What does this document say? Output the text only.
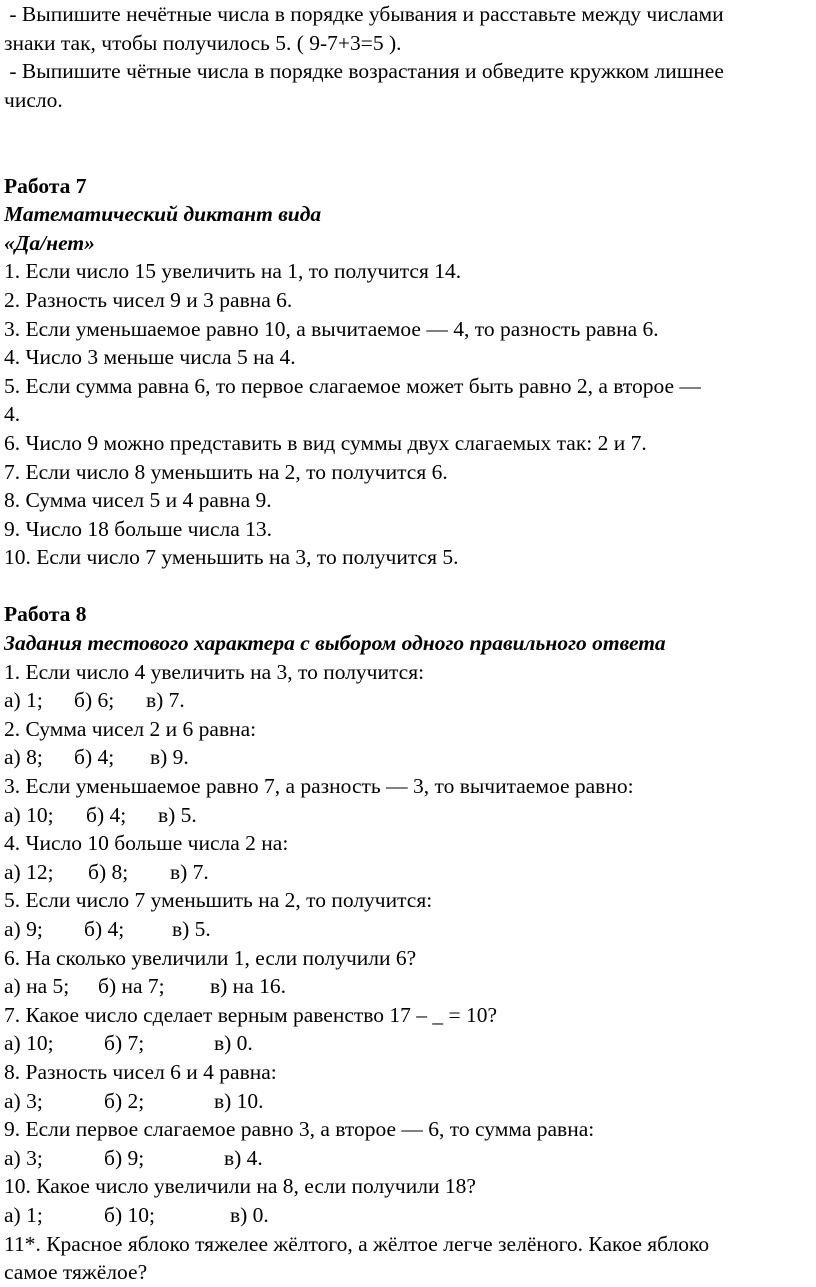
- Выпишите нечётные числа в порядке убывания и расставьте между числами
знаки так, чтобы получилось 5. ( 9-7+3=5 ).
- Выпишите чётные числа в порядке возрастания и обведите кружком лишнее
число.
Работа 7
Математический диктант вида
«Да/нет»
1. Если число 15 увеличить на 1, то получится 14.
2. Разность чисел 9 и 3 равна 6.
3. Если уменьшаемое равно 10, а вычитаемое — 4, то разность равна 6.
4. Число 3 меньше числа 5 на 4.
5. Если сумма равна 6, то первое слагаемое может быть равно 2, а второе —
4.
6. Число 9 можно представить в вид суммы двух слагаемых так: 2 и 7.
7. Если число 8 уменьшить на 2, то получится 6.
8. Сумма чисел 5 и 4 равна 9.
9. Число 18 больше числа 13.
10. Если число 7 уменьшить на 3, то получится 5.
Работа 8
Задания тестового характера с выбором одного правильного ответа
1. Если число 4 увеличить на 3, то получится:
а) 1; б) 6; в) 7.
2. Сумма чисел 2 и 6 равна:
а) 8; б) 4; в) 9.
3. Если уменьшаемое равно 7, а разность — 3, то вычитаемое равно:
а) 10; б) 4; в) 5.
4. Число 10 больше числа 2 на:
а) 12; б) 8; в) 7.
5. Если число 7 уменьшить на 2, то получится:
а) 9; б) 4; в) 5.
6. На сколько увеличили 1, если получили 6?
а) на 5; б) на 7; в) на 16.
7. Какое число сделает верным равенство 17 – _ = 10?
а) 10; б) 7;	в) 0.
8. Разность чисел 6 и 4 равна:
а) 3;	б) 2;	в) 10.
9. Если первое слагаемое равно 3, а второе — 6, то сумма равна:
а) 3;	б) 9;	в) 4.
10. Какое число увеличили на 8, если получили 18?
а) 1;	б) 10;	в) 0.
11*. Красное яблоко тяжелее жёлтого, а жёлтое легче зелёного. Какое яблоко
самое тяжёлое?
